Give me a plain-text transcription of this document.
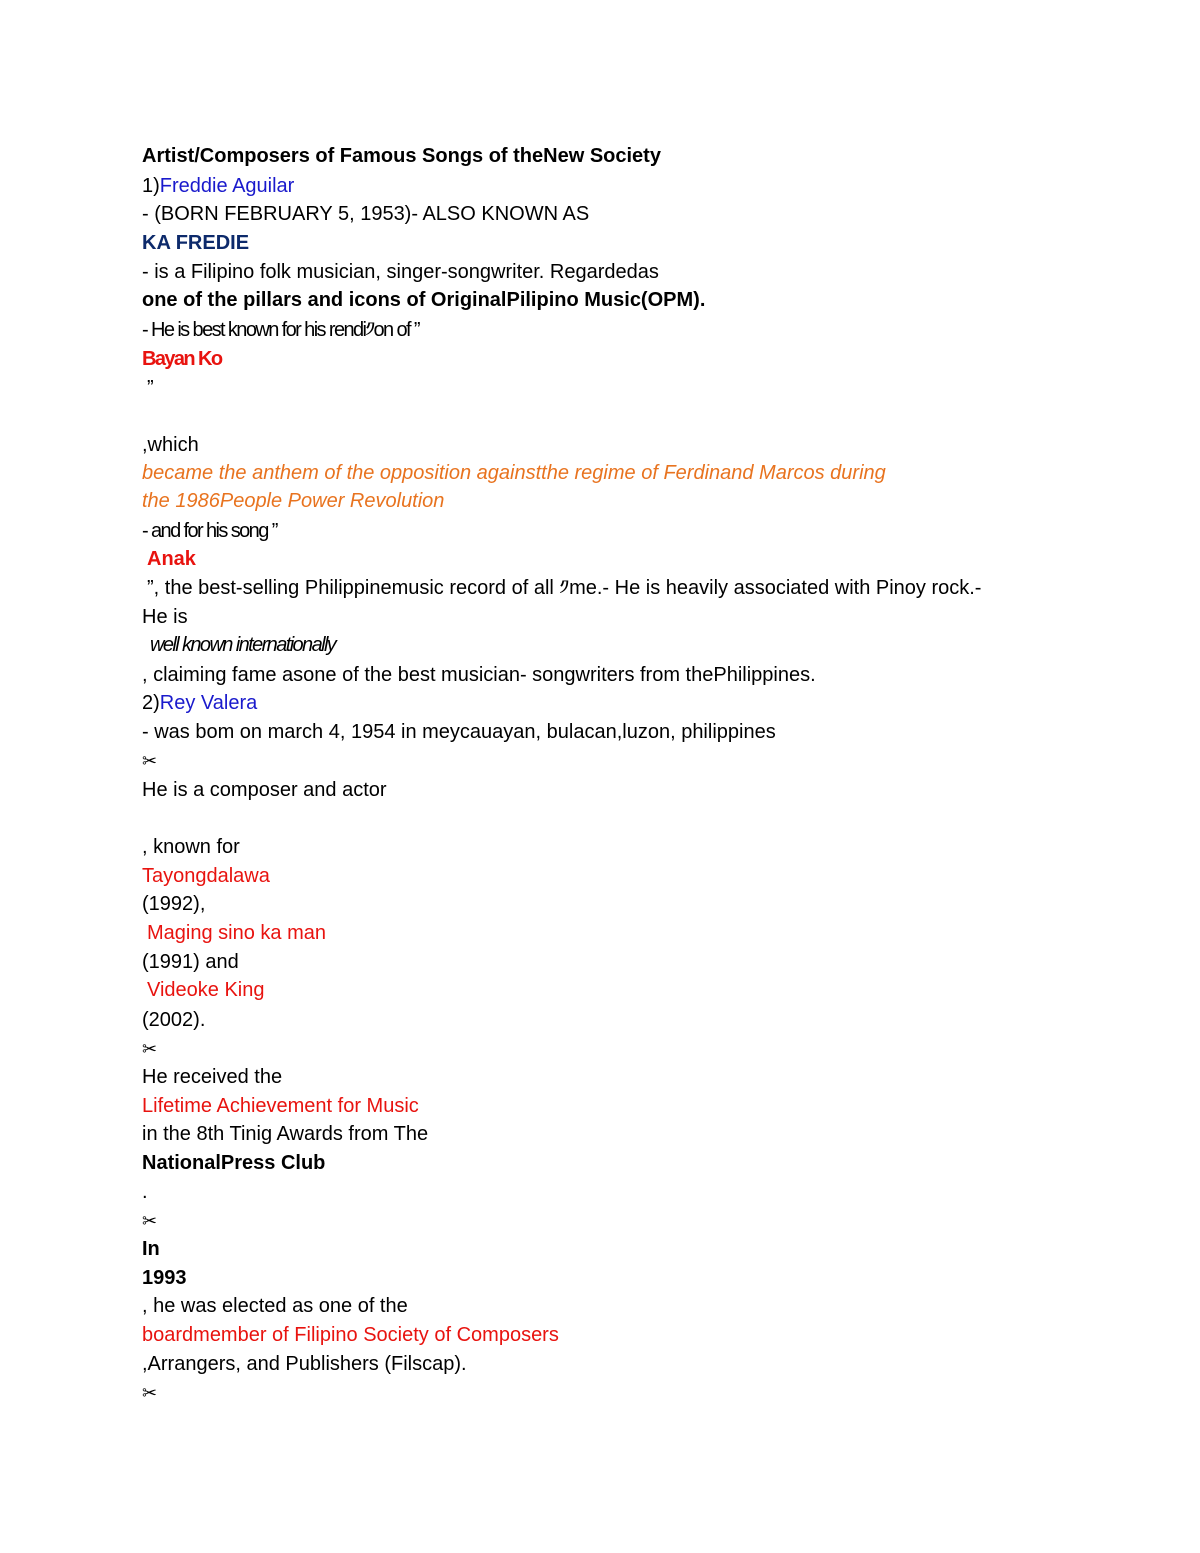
Artist/Composers of Famous Songs of theNew Society
1)Freddie Aguilar
- (BORN FEBRUARY 5, 1953)- ALSO KNOWN AS
KA FREDIE
- is a Filipino folk musician, singer-songwriter. Regardedas
one of the pillars and icons of OriginalPilipino Music(OPM).
- He is best known for his rendi༡on of ”
Bayan Ko
”
,which
became the anthem of the opposition againstthe regime of Ferdinand Marcos during
the 1986People Power Revolution
- and for his song ”
Anak
”, the best-selling Philippinemusic record of all ༡me.- He is heavily associated with Pinoy rock.-
He is
well known internationally
, claiming fame asone of the best musician- songwriters from thePhilippines.
2)Rey Valera
- was bom on march 4, 1954 in meycauayan, bulacan,luzon, philippines
✂
He is a composer and actor
, known for
Tayongdalawa
(1992),
Maging sino ka man
(1991) and
Videoke King
(2002).
✂
He received the
Lifetime Achievement for Music
in the 8th Tinig Awards from The
NationalPress Club
.
✂
In
1993
, he was elected as one of the
boardmember of Filipino Society of Composers
,Arrangers, and Publishers (Filscap).
✂
